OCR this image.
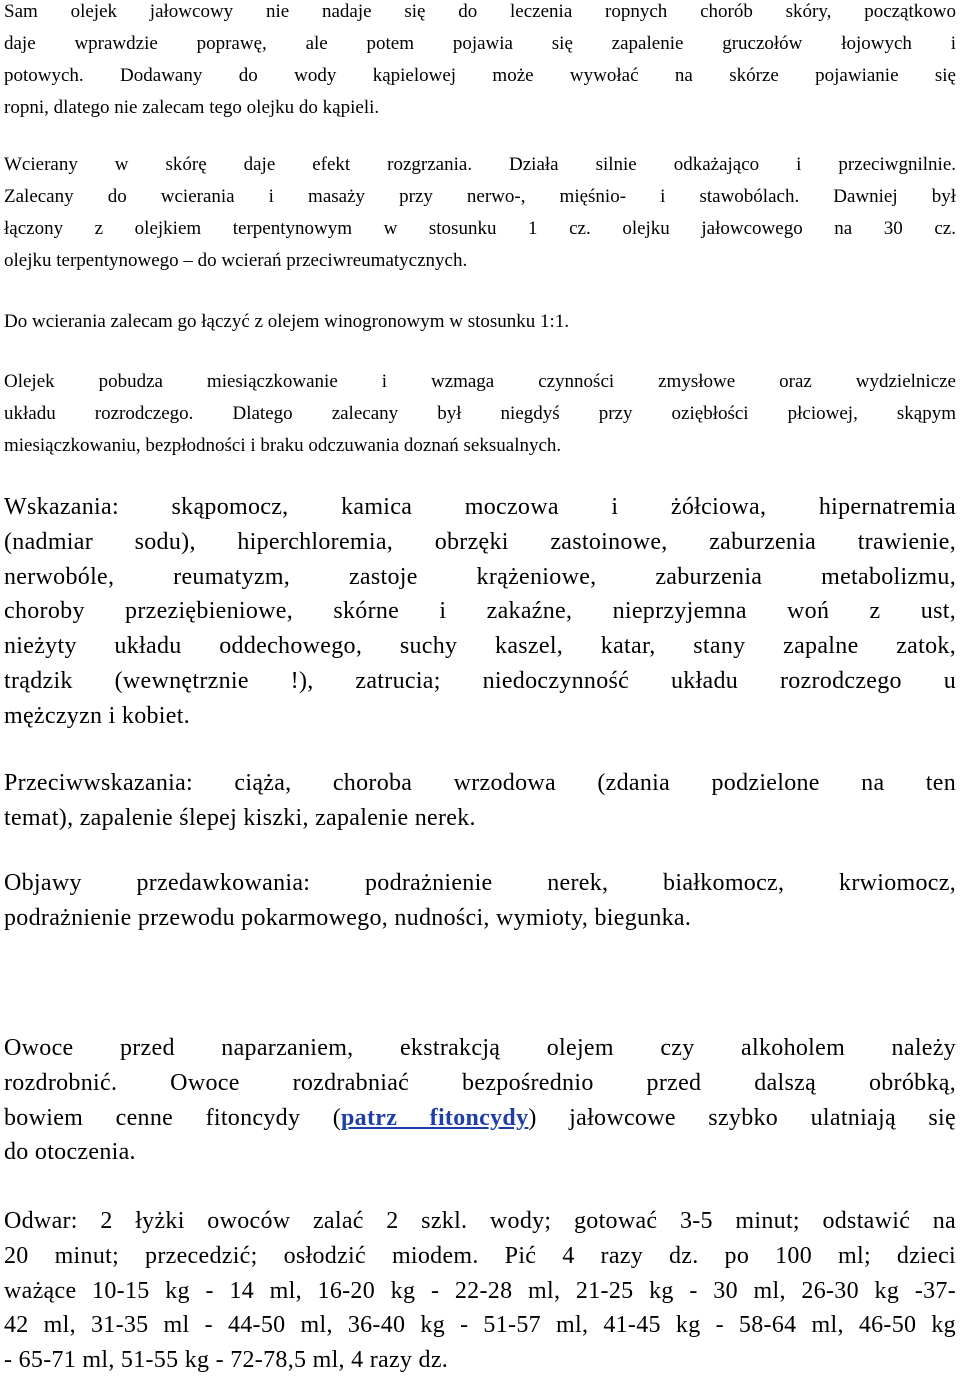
Sam olejek jałowcowy nie nadaje się do leczenia ropnych chorób skóry, początkowo
daje wprawdzie poprawę, ale potem pojawia się zapalenie gruczołów łojowych i
potowych. Dodawany do wody kąpielowej może wywołać na skórze pojawianie się
ropni, dlatego nie zalecam tego olejku do kąpieli.

Wcierany w skórę daje efekt rozgrzania. Działa silnie odkażająco i przeciwgnilnie.
Zalecany do wcierania i masaży przy nerwo-, mięśnio- i stawobólach. Dawniej był
łączony z olejkiem terpentynowym w stosunku 1 cz. olejku jałowcowego na 30 cz.
olejku terpentynowego – do wcierań przeciwreumatycznych.

Do wcierania zalecam go łączyć z olejem winogronowym w stosunku 1:1.

Olejek pobudza miesiączkowanie i wzmaga czynności zmysłowe oraz wydzielnicze
układu rozrodczego. Dlatego zalecany był niegdyś przy oziębłości płciowej, skąpym
miesiączkowaniu, bezpłodności i braku odczuwania doznań seksualnych.

Wskazania: skąpomocz, kamica moczowa i żółciowa, hipernatremia
(nadmiar sodu), hiperchloremia, obrzęki zastoinowe, zaburzenia trawienie,
nerwobóle, reumatyzm, zastoje krążeniowe, zaburzenia metabolizmu,
choroby przeziębieniowe, skórne i zakaźne, nieprzyjemna woń z ust,
nieżyty układu oddechowego, suchy kaszel, katar, stany zapalne zatok,
trądzik (wewnętrznie !), zatrucia; niedoczynność układu rozrodczego u
mężczyzn i kobiet.

Przeciwwskazania: ciąża, choroba wrzodowa (zdania podzielone na ten
temat), zapalenie ślepej kiszki, zapalenie nerek.

Objawy przedawkowania: podrażnienie nerek, białkomocz, krwiomocz,
podrażnienie przewodu pokarmowego, nudności, wymioty, biegunka.

Owoce przed naparzaniem, ekstrakcją olejem czy alkoholem należy
rozdrobnić. Owoce rozdrabniać bezpośrednio przed dalszą obróbką,
bowiem cenne fitoncydy (patrz fitoncydy) jałowcowe szybko ulatniają się
do otoczenia.

Odwar: 2 łyżki owoców zalać 2 szkl. wody; gotować 3-5 minut; odstawić na
20 minut; przecedzić; osłodzić miodem. Pić 4 razy dz. po 100 ml; dzieci
ważące 10-15 kg - 14 ml, 16-20 kg - 22-28 ml, 21-25 kg - 30 ml, 26-30 kg -37-
42 ml, 31-35 ml - 44-50 ml, 36-40 kg - 51-57 ml, 41-45 kg - 58-64 ml, 46-50 kg
- 65-71 ml, 51-55 kg - 72-78,5 ml, 4 razy dz.
